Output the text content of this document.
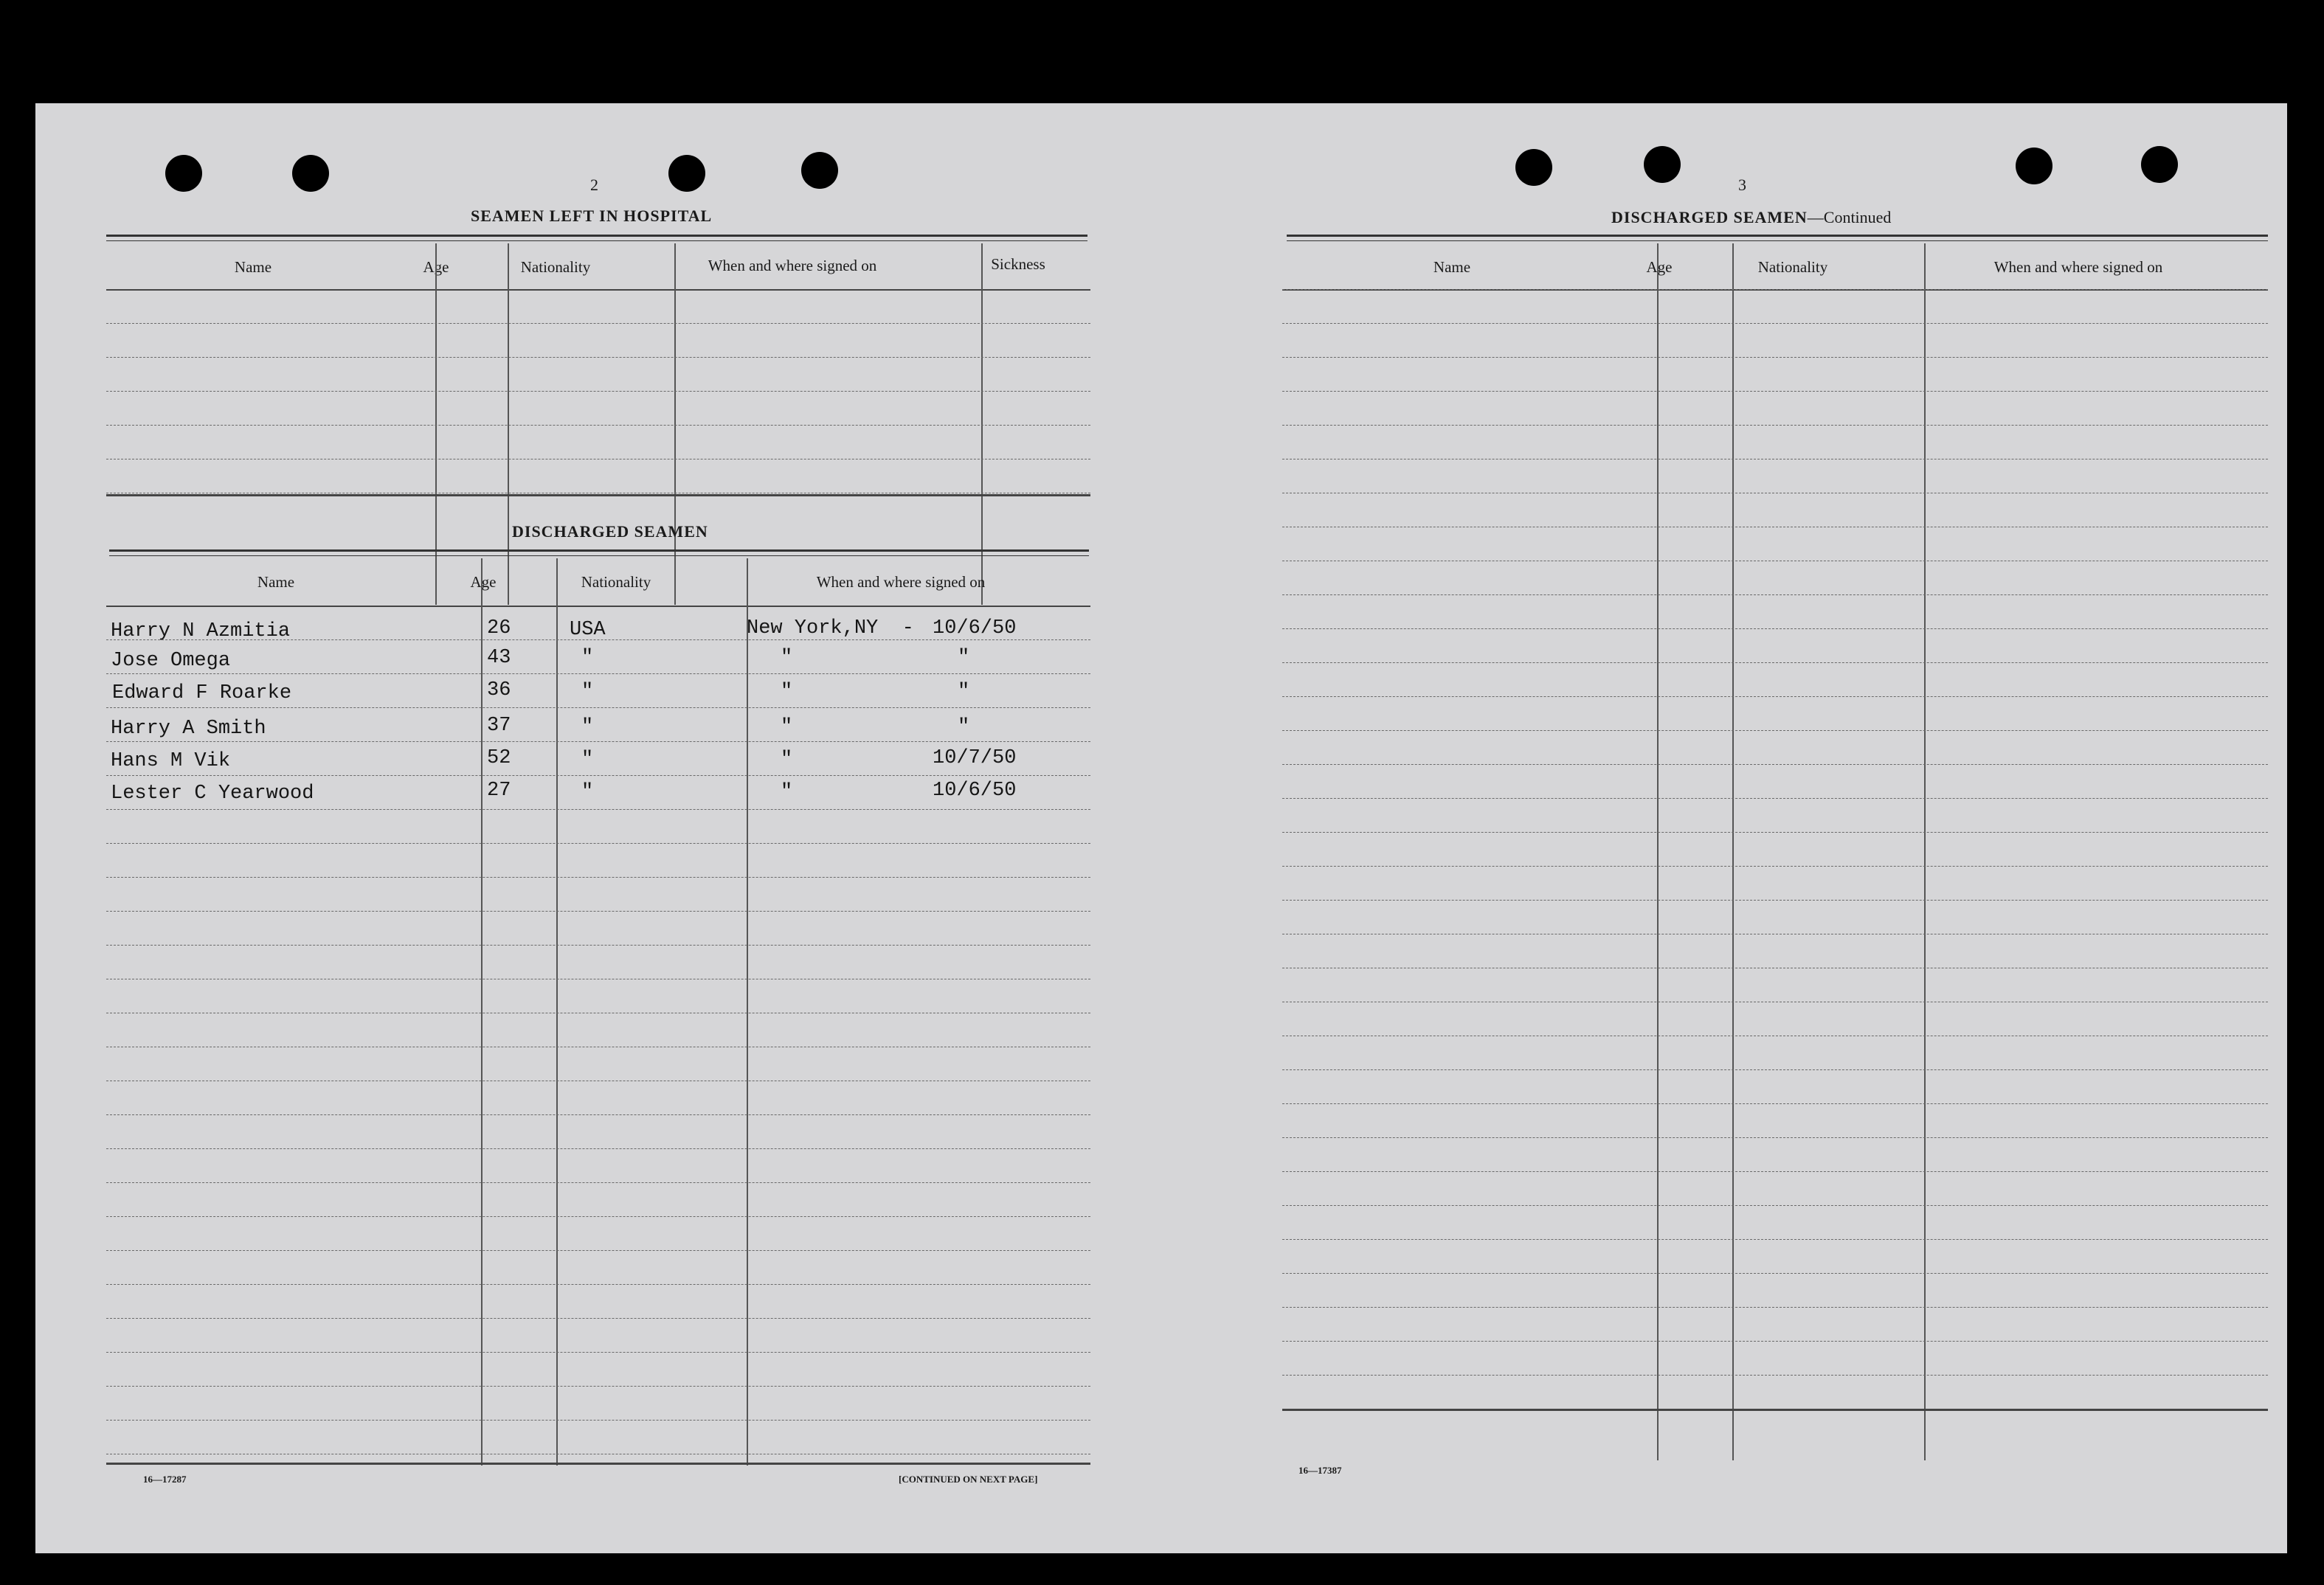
2
SEAMEN LEFT IN HOSPITAL
Name	Age	Nationality	When and where signed on	Sickness
DISCHARGED SEAMEN
Name	Age	Nationality	When and where signed on
Harry N Azmitia	26	USA	New York,NY  - 10/6/50
Jose Omega	43	"	"	"
Edward F Roarke	36	"	"	"
Harry A Smith	37	"	"	"
Hans M Vik	52	"	"	10/7/50
Lester C Yearwood	27	"	"	10/6/50
16—17287	[CONTINUED ON NEXT PAGE]
3
DISCHARGED SEAMEN—Continued
Name	Age	Nationality	When and where signed on
16—17387
